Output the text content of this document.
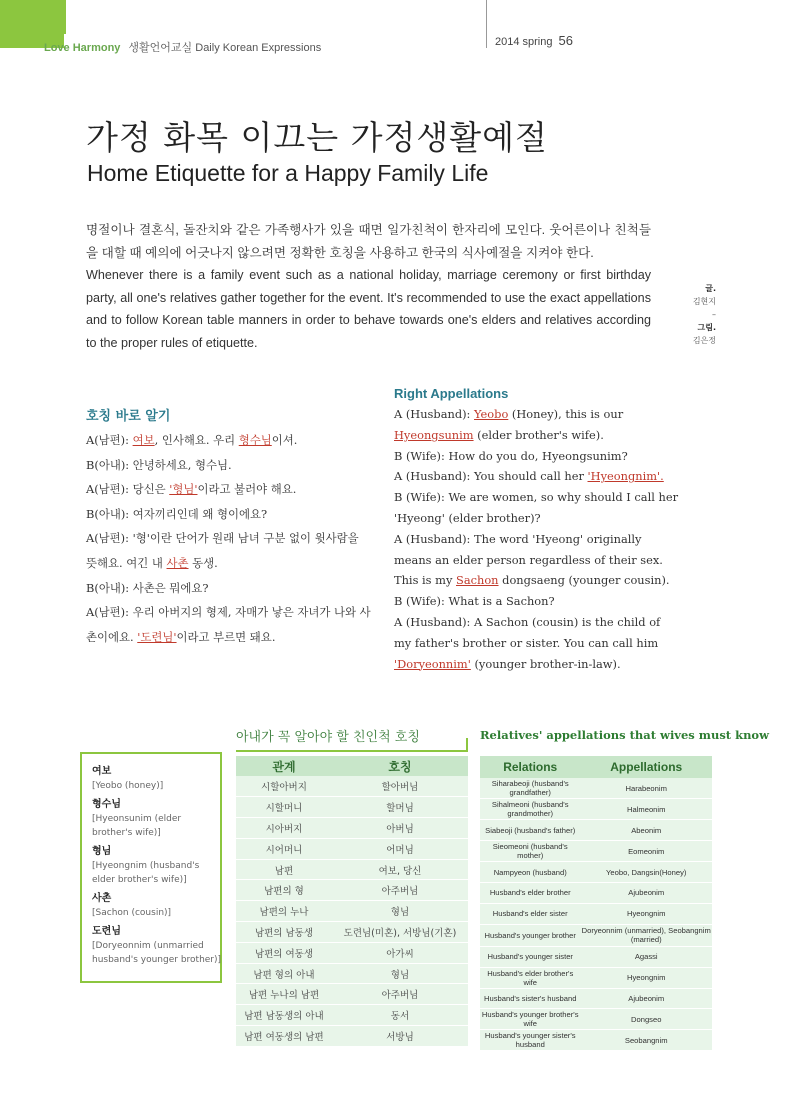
Love Harmony 생활언어교실 Daily Korean Expressions	2014 spring 56
가정 화목 이끄는 가정생활예절
Home Etiquette for a Happy Family Life

명절이나 결혼식, 돌잔치와 같은 가족행사가 있을 때면 일가친척이 한자리에 모인다. 웃어른이나 친척들을 대할 때 예의에 어긋나지 않으려면 정확한 호칭을 사용하고 한국의 식사예절을 지켜야 한다.

Whenever there is a family event such as a national holiday, marriage ceremony or first birthday party, all one's relatives gather together for the event. It's recommended to use the exact appellations and to follow Korean table manners in order to behave towards one's elders and relatives according to the proper rules of etiquette.

글.
김현지
–
그림.
김은정
호칭 바로 알기

A(남편): 여보, 인사해요. 우리 형수님이셔.

B(아내): 안녕하세요, 형수님.

A(남편): 당신은 '형님'이라고 불러야 해요.

B(아내): 여자끼리인데 왜 형이에요?

A(남편): '형'이란 단어가 원래 남녀 구분 없이 윗사람을 뜻해요. 여긴 내 사촌 동생.

B(아내): 사촌은 뭐에요?

A(남편): 우리 아버지의 형제, 자매가 낳은 자녀가 나와 사촌이에요. '도련님'이라고 부르면 돼요.

Right Appellations

A (Husband): Yeobo (Honey), this is our Hyeongsunim (elder brother's wife).

B (Wife): How do you do, Hyeongsunim?

A (Husband): You should call her 'Hyeongnim'.

B (Wife): We are women, so why should I call her 'Hyeong' (elder brother)?

A (Husband): The word 'Hyeong' originally means an elder person regardless of their sex. This is my Sachon dongsaeng (younger cousin).

B (Wife): What is a Sachon?

A (Husband): A Sachon (cousin) is the child of my father's brother or sister. You can call him 'Doryeonnim' (younger brother-in-law).

여보
[Yeobo (honey)]
형수님
[Hyeonsunim (elder brother's wife)]
형님
[Hyeongnim (husband's elder brother's wife)]
사촌
[Sachon (cousin)]
도련님
[Doryeonnim (unmarried husband's younger brother)]
아내가 꼭 알아야 할 친인척 호칭	Relatives' appellations that wives must know
관계	호칭
시할아버지	할아버님
시할머니	할머님
시아버지	아버님
시어머니	어머님
남편	여보, 당신
남편의 형	아주버님
남편의 누나	형님
남편의 남동생	도련님(미혼), 서방님(기혼)
남편의 여동생	아가씨
남편 형의 아내	형님
남편 누나의 남편	아주버님
남편 남동생의 아내	동서
남편 여동생의 남편	서방님
Relations	Appellations
Siharabeoji (husband's grandfather)	Harabeonim
Sihalmeoni (husband's grandmother)	Halmeonim
Siabeoji (husband's father)	Abeonim
Sieomeoni (husband's mother)	Eomeonim
Nampyeon (husband)	Yeobo, Dangsin(Honey)
Husband's elder brother	Ajubeonim
Husband's elder sister	Hyeongnim
Husband's younger brother	Doryeonnim (unmarried), Seobangnim (married)
Husband's younger sister	Agassi
Husband's elder brother's wife	Hyeongnim
Husband's sister's husband	Ajubeonim
Husband's younger brother's wife	Dongseo
Husband's younger sister's husband	Seobangnim
